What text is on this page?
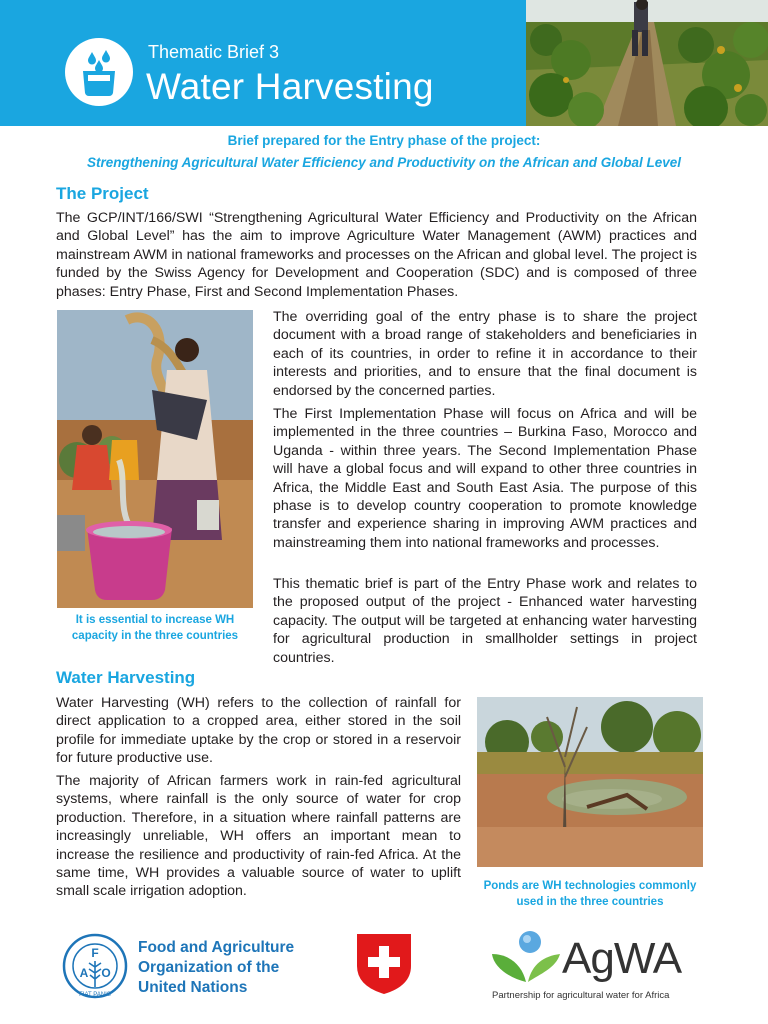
Thematic Brief 3
Water Harvesting
Brief prepared for the Entry phase of the project:
Strengthening Agricultural Water Efficiency and Productivity on the African and Global Level
The Project

The GCP/INT/166/SWI “Strengthening Agricultural Water Efficiency and Productivity on the African and Global Level” has the aim to improve Agriculture Water Management (AWM) practices and mainstream AWM in national frameworks and processes on the African and global level. The project is funded by the Swiss Agency for Development and Cooperation (SDC) and is composed of three phases: Entry Phase, First and Second Implementation Phases.

It is essential to increase WH capacity in the three countries

The overriding goal of the entry phase is to share the project document with a broad range of stakeholders and beneficiaries in each of its countries, in order to refine it in accordance to their interests and priorities, and to ensure that the final document is endorsed by the concerned parties.

The First Implementation Phase will focus on Africa and will be implemented in the three countries – Burkina Faso, Morocco and Uganda - within three years. The Second Implementation Phase will have a global focus and will expand to other three countries in Africa, the Middle East and South East Asia. The purpose of this phase is to develop country cooperation to promote knowledge transfer and experience sharing in improving AWM practices and mainstreaming them into national frameworks and processes.

This thematic brief is part of the Entry Phase work and relates to the proposed output of the project - Enhanced water harvesting capacity. The output will be targeted at enhancing water harvesting for agricultural production in smallholder settings in project countries.

Water Harvesting

Water Harvesting (WH) refers to the collection of rainfall for direct application to a cropped area, either stored in the soil profile for immediate uptake by the crop or stored in a reservoir for future productive use.

The majority of African farmers work in rain-fed agricultural systems, where rainfall is the only source of water for crop production. Therefore, in a situation where rainfall patterns are increasingly unreliable, WH offers an important mean to increase the resilience and productivity of rain-fed Africa. At the same time, WH provides a valuable source of water to uplift small scale irrigation adoption.	Ponds are WH technologies commonly used in the three countries
F
A O
FIAT PANIS
Food and Agriculture
Organization of the
United Nations
AgWA
Partnership for agricultural water for Africa
